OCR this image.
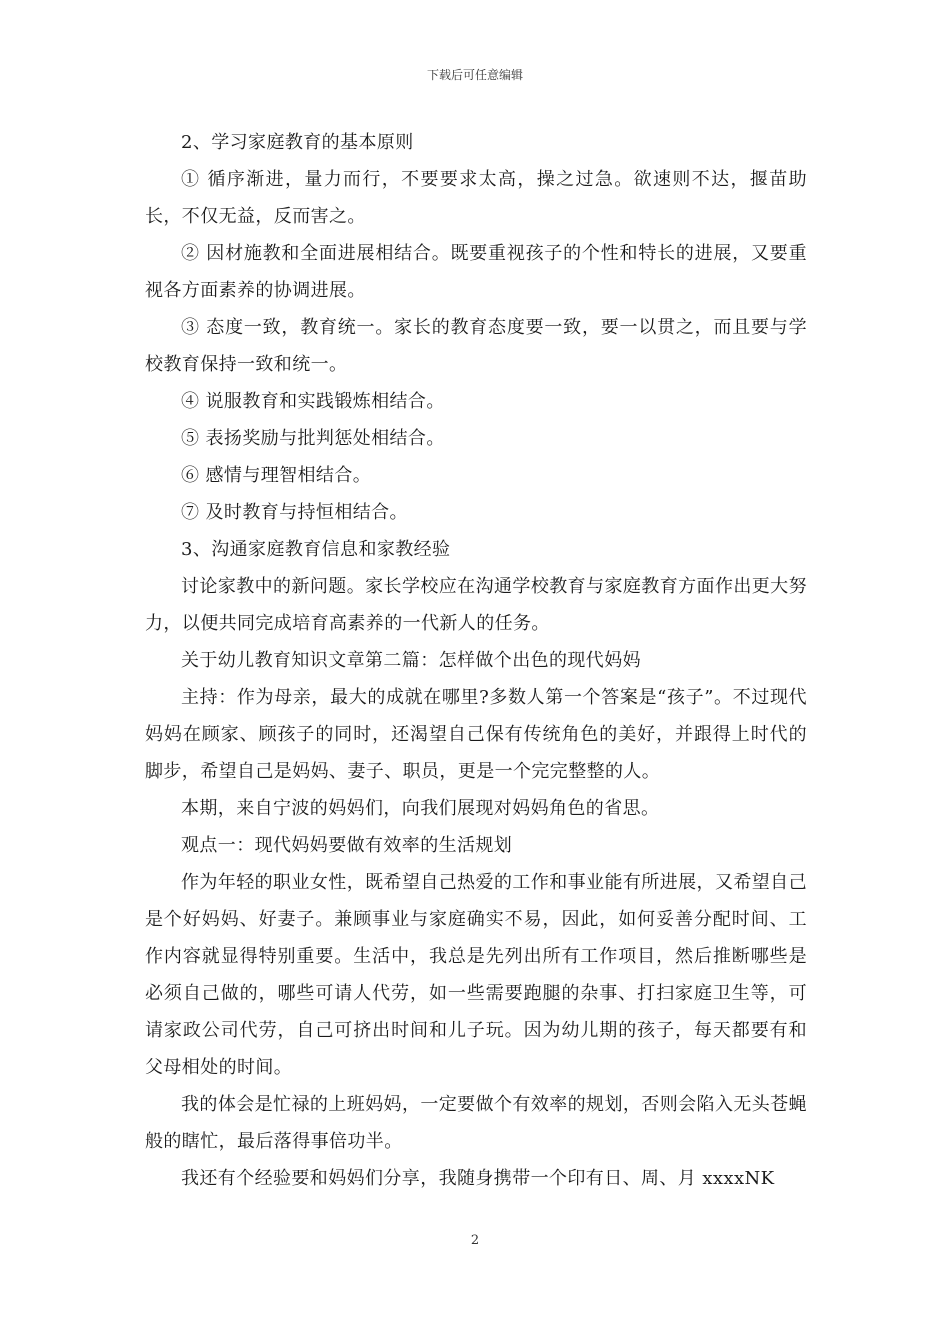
下载后可任意编辑

2、学习家庭教育的基本原则

① 循序渐进，量力而行，不要要求太高，操之过急。欲速则不达，揠苗助长，不仅无益，反而害之。

② 因材施教和全面进展相结合。既要重视孩子的个性和特长的进展，又要重视各方面素养的协调进展。

③ 态度一致，教育统一。家长的教育态度要一致，要一以贯之，而且要与学校教育保持一致和统一。

④ 说服教育和实践锻炼相结合。

⑤ 表扬奖励与批判惩处相结合。

⑥ 感情与理智相结合。

⑦ 及时教育与持恒相结合。

3、沟通家庭教育信息和家教经验

讨论家教中的新问题。家长学校应在沟通学校教育与家庭教育方面作出更大努力，以便共同完成培育高素养的一代新人的任务。

关于幼儿教育知识文章第二篇：怎样做个出色的现代妈妈

主持：作为母亲，最大的成就在哪里?多数人第一个答案是“孩子”。不过现代妈妈在顾家、顾孩子的同时，还渴望自己保有传统角色的美好，并跟得上时代的脚步，希望自己是妈妈、妻子、职员，更是一个完完整整的人。

本期，来自宁波的妈妈们，向我们展现对妈妈角色的省思。

观点一：现代妈妈要做有效率的生活规划

作为年轻的职业女性，既希望自己热爱的工作和事业能有所进展，又希望自己是个好妈妈、好妻子。兼顾事业与家庭确实不易，因此，如何妥善分配时间、工作内容就显得特别重要。生活中，我总是先列出所有工作项目，然后推断哪些是必须自己做的，哪些可请人代劳，如一些需要跑腿的杂事、打扫家庭卫生等，可请家政公司代劳，自己可挤出时间和儿子玩。因为幼儿期的孩子，每天都要有和父母相处的时间。

我的体会是忙禄的上班妈妈，一定要做个有效率的规划，否则会陷入无头苍蝇般的瞎忙，最后落得事倍功半。

我还有个经验要和妈妈们分享，我随身携带一个印有日、周、月 xxxxNK

2
